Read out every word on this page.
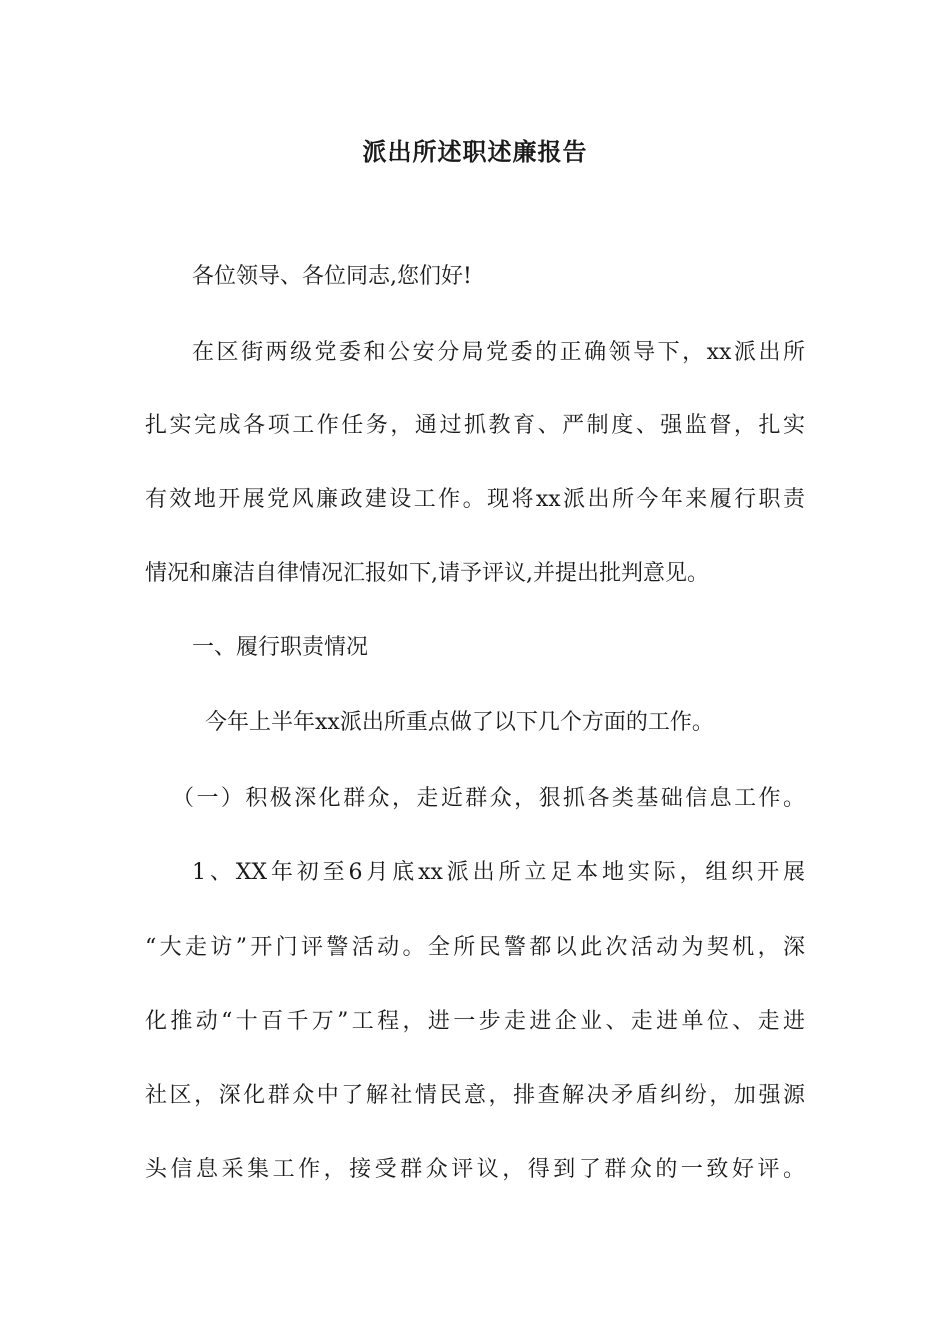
派出所述职述廉报告
各位领导、各位同志,您们好!
在区街两级党委和公安分局党委的正确领导下，xx派出所
扎实完成各项工作任务，通过抓教育、严制度、强监督，扎实
有效地开展党风廉政建设工作。现将xx派出所今年来履行职责
情况和廉洁自律情况汇报如下,请予评议,并提出批判意见。
一、履行职责情况
今年上半年xx派出所重点做了以下几个方面的工作。
（一）积极深化群众，走近群众，狠抓各类基础信息工作。
1、XX年初至6月底xx派出所立足本地实际，组织开展
“大走访”开门评警活动。全所民警都以此次活动为契机，深
化推动“十百千万”工程，进一步走进企业、走进单位、走进
社区，深化群众中了解社情民意，排查解决矛盾纠纷，加强源
头信息采集工作，接受群众评议，得到了群众的一致好评。
